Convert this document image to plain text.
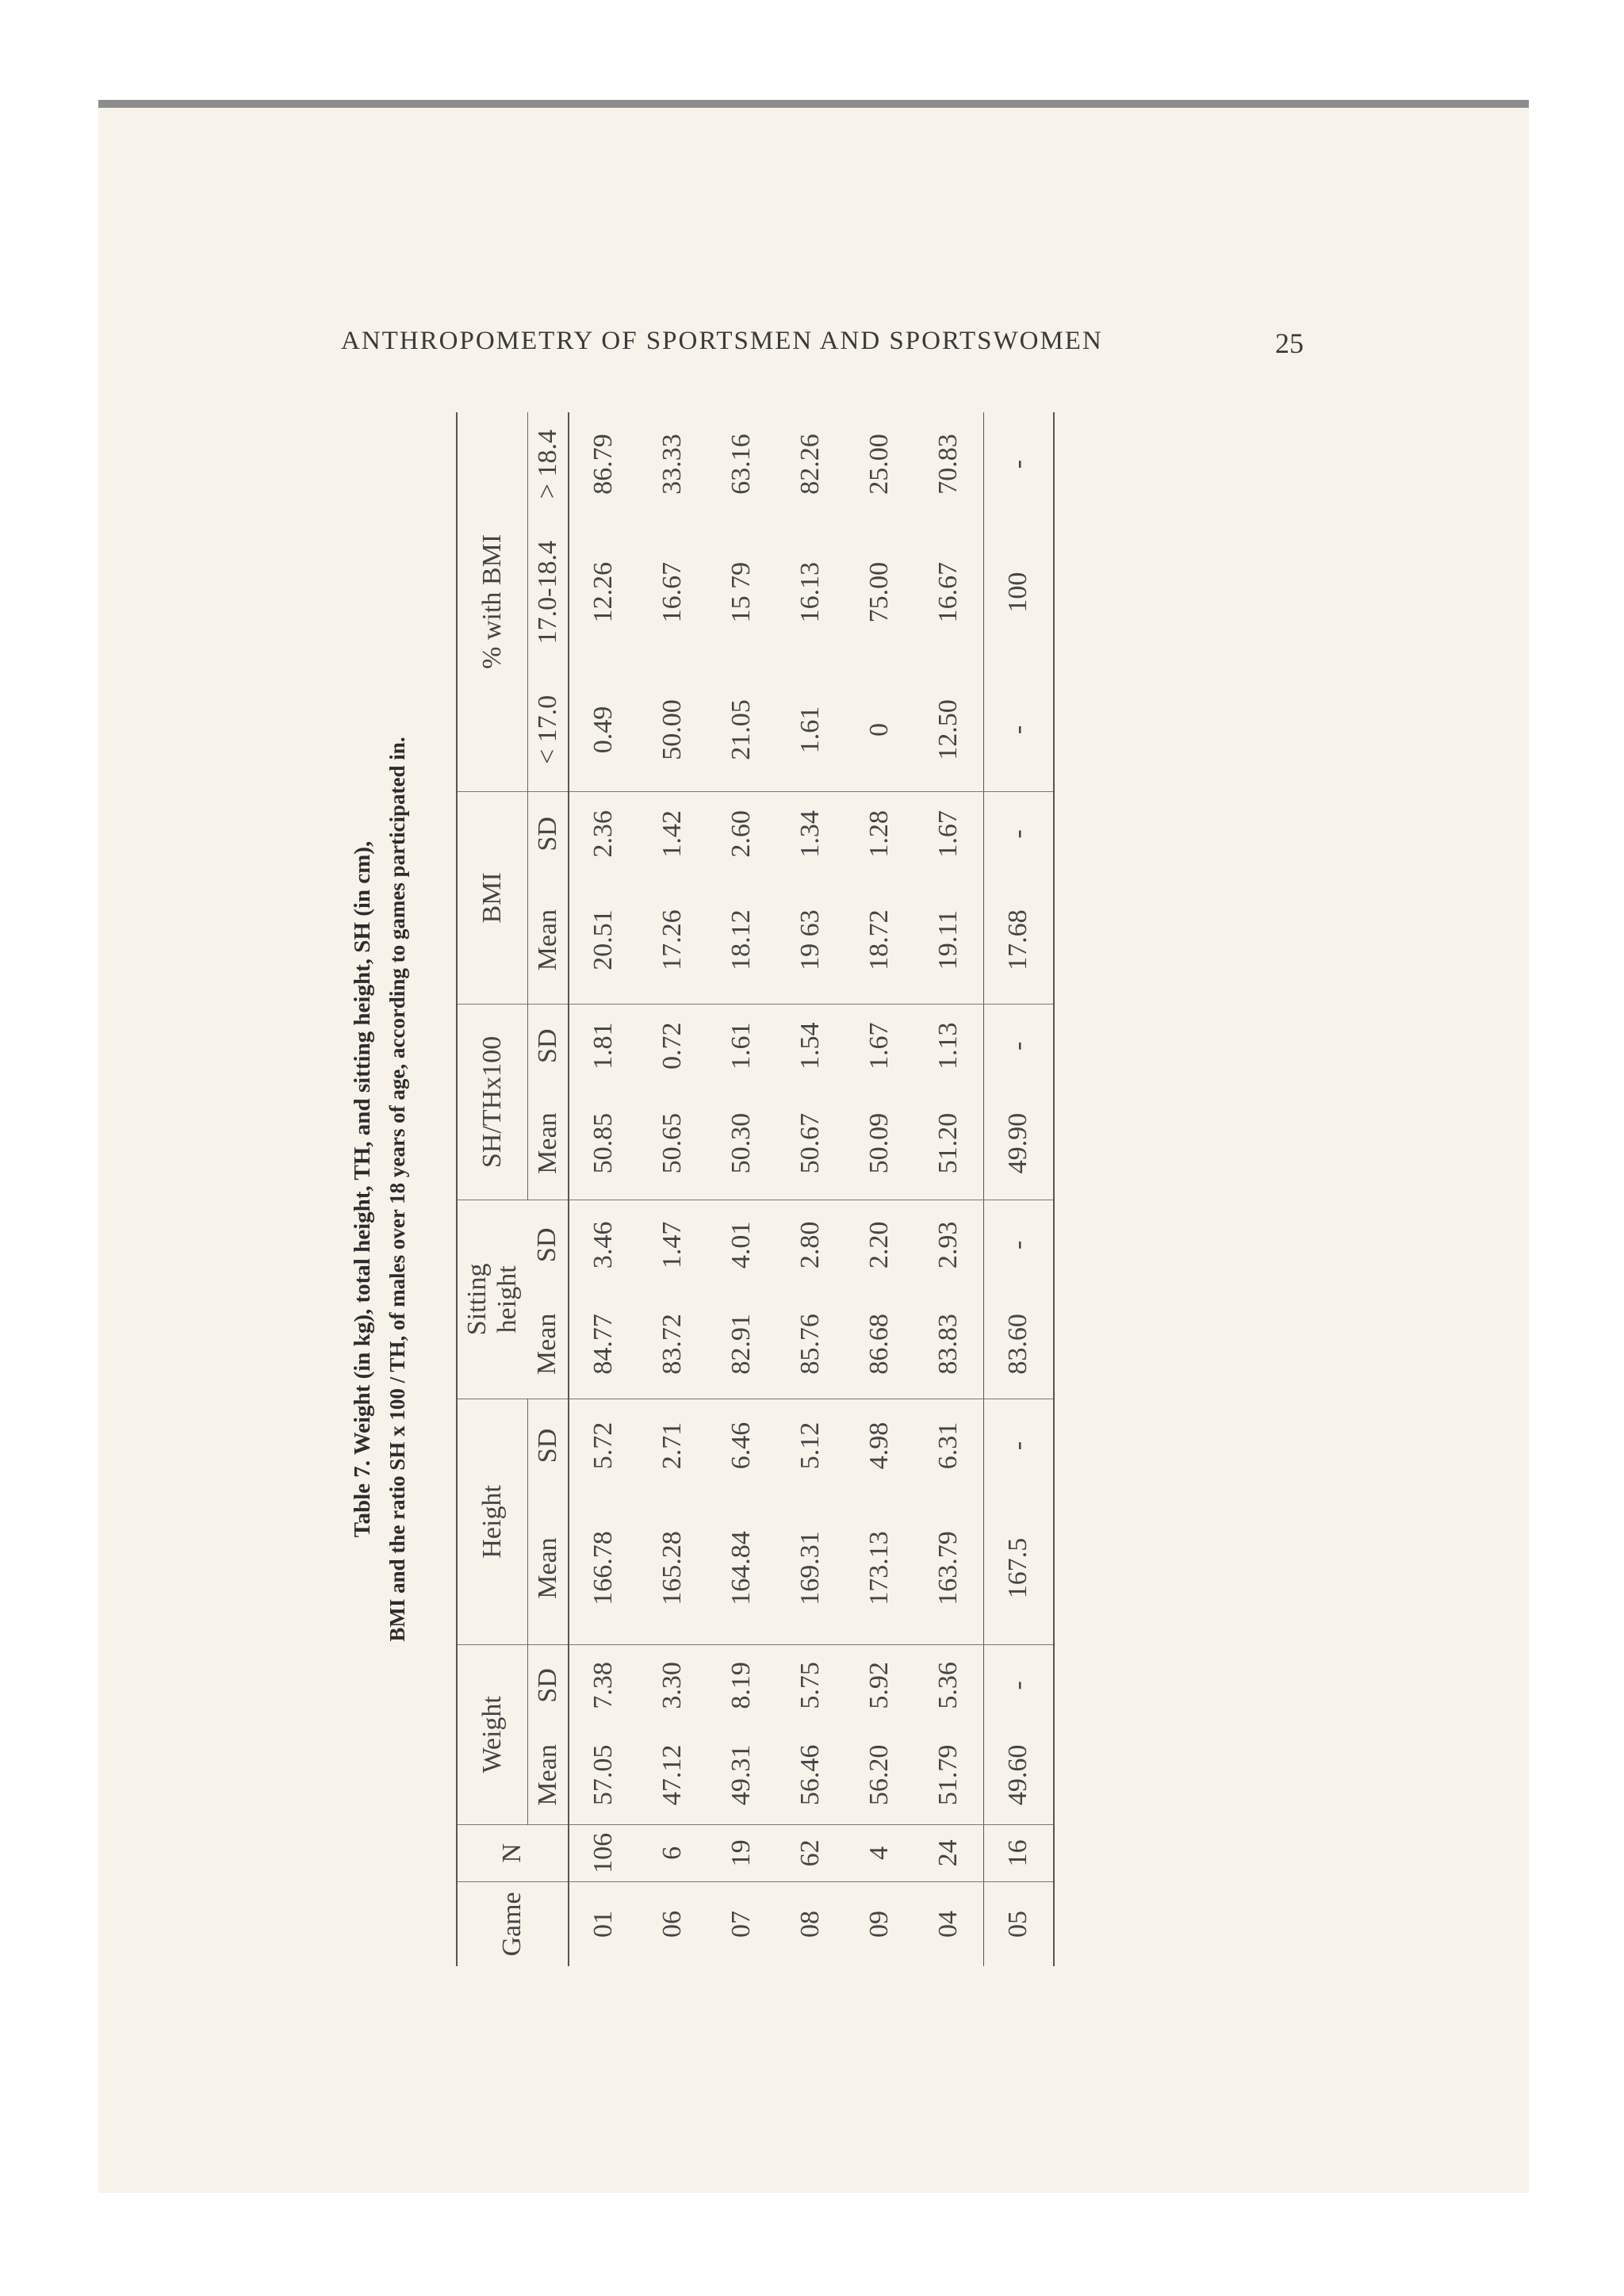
ANTHROPOMETRY OF SPORTSMEN AND SPORTSWOMEN	25
Table 7. Weight (in kg), total height, TH, and sitting height, SH (in cm), BMI and the ratio SH x 100 / TH, of males over 18 years of age, according to games participated in.
Game	N	Weight		Height		Sitting height		SH/THx100		BMI		% with BMI		
		Mean	SD	Mean	SD	Mean	SD	Mean	SD	Mean	SD	< 17.0	17.0-18.4	> 18.4
01	106	57.05	7.38	166.78	5.72	84.77	3.46	50.85	1.81	20.51	2.36	0.49	12.26	86.79
06	6	47.12	3.30	165.28	2.71	83.72	1.47	50.65	0.72	17.26	1.42	50.00	16.67	33.33
07	19	49.31	8.19	164.84	6.46	82.91	4.01	50.30	1.61	18.12	2.60	21.05	15 79	63.16
08	62	56.46	5.75	169.31	5.12	85.76	2.80	50.67	1.54	19 63	1.34	1.61	16.13	82.26
09	4	56.20	5.92	173.13	4.98	86.68	2.20	50.09	1.67	18.72	1.28	0	75.00	25.00
04	24	51.79	5.36	163.79	6.31	83.83	2.93	51.20	1.13	19.11	1.67	12.50	16.67	70.83
05	16	49.60	-	167.5	-	83.60	-	49.90	-	17.68	-	-	100	-
